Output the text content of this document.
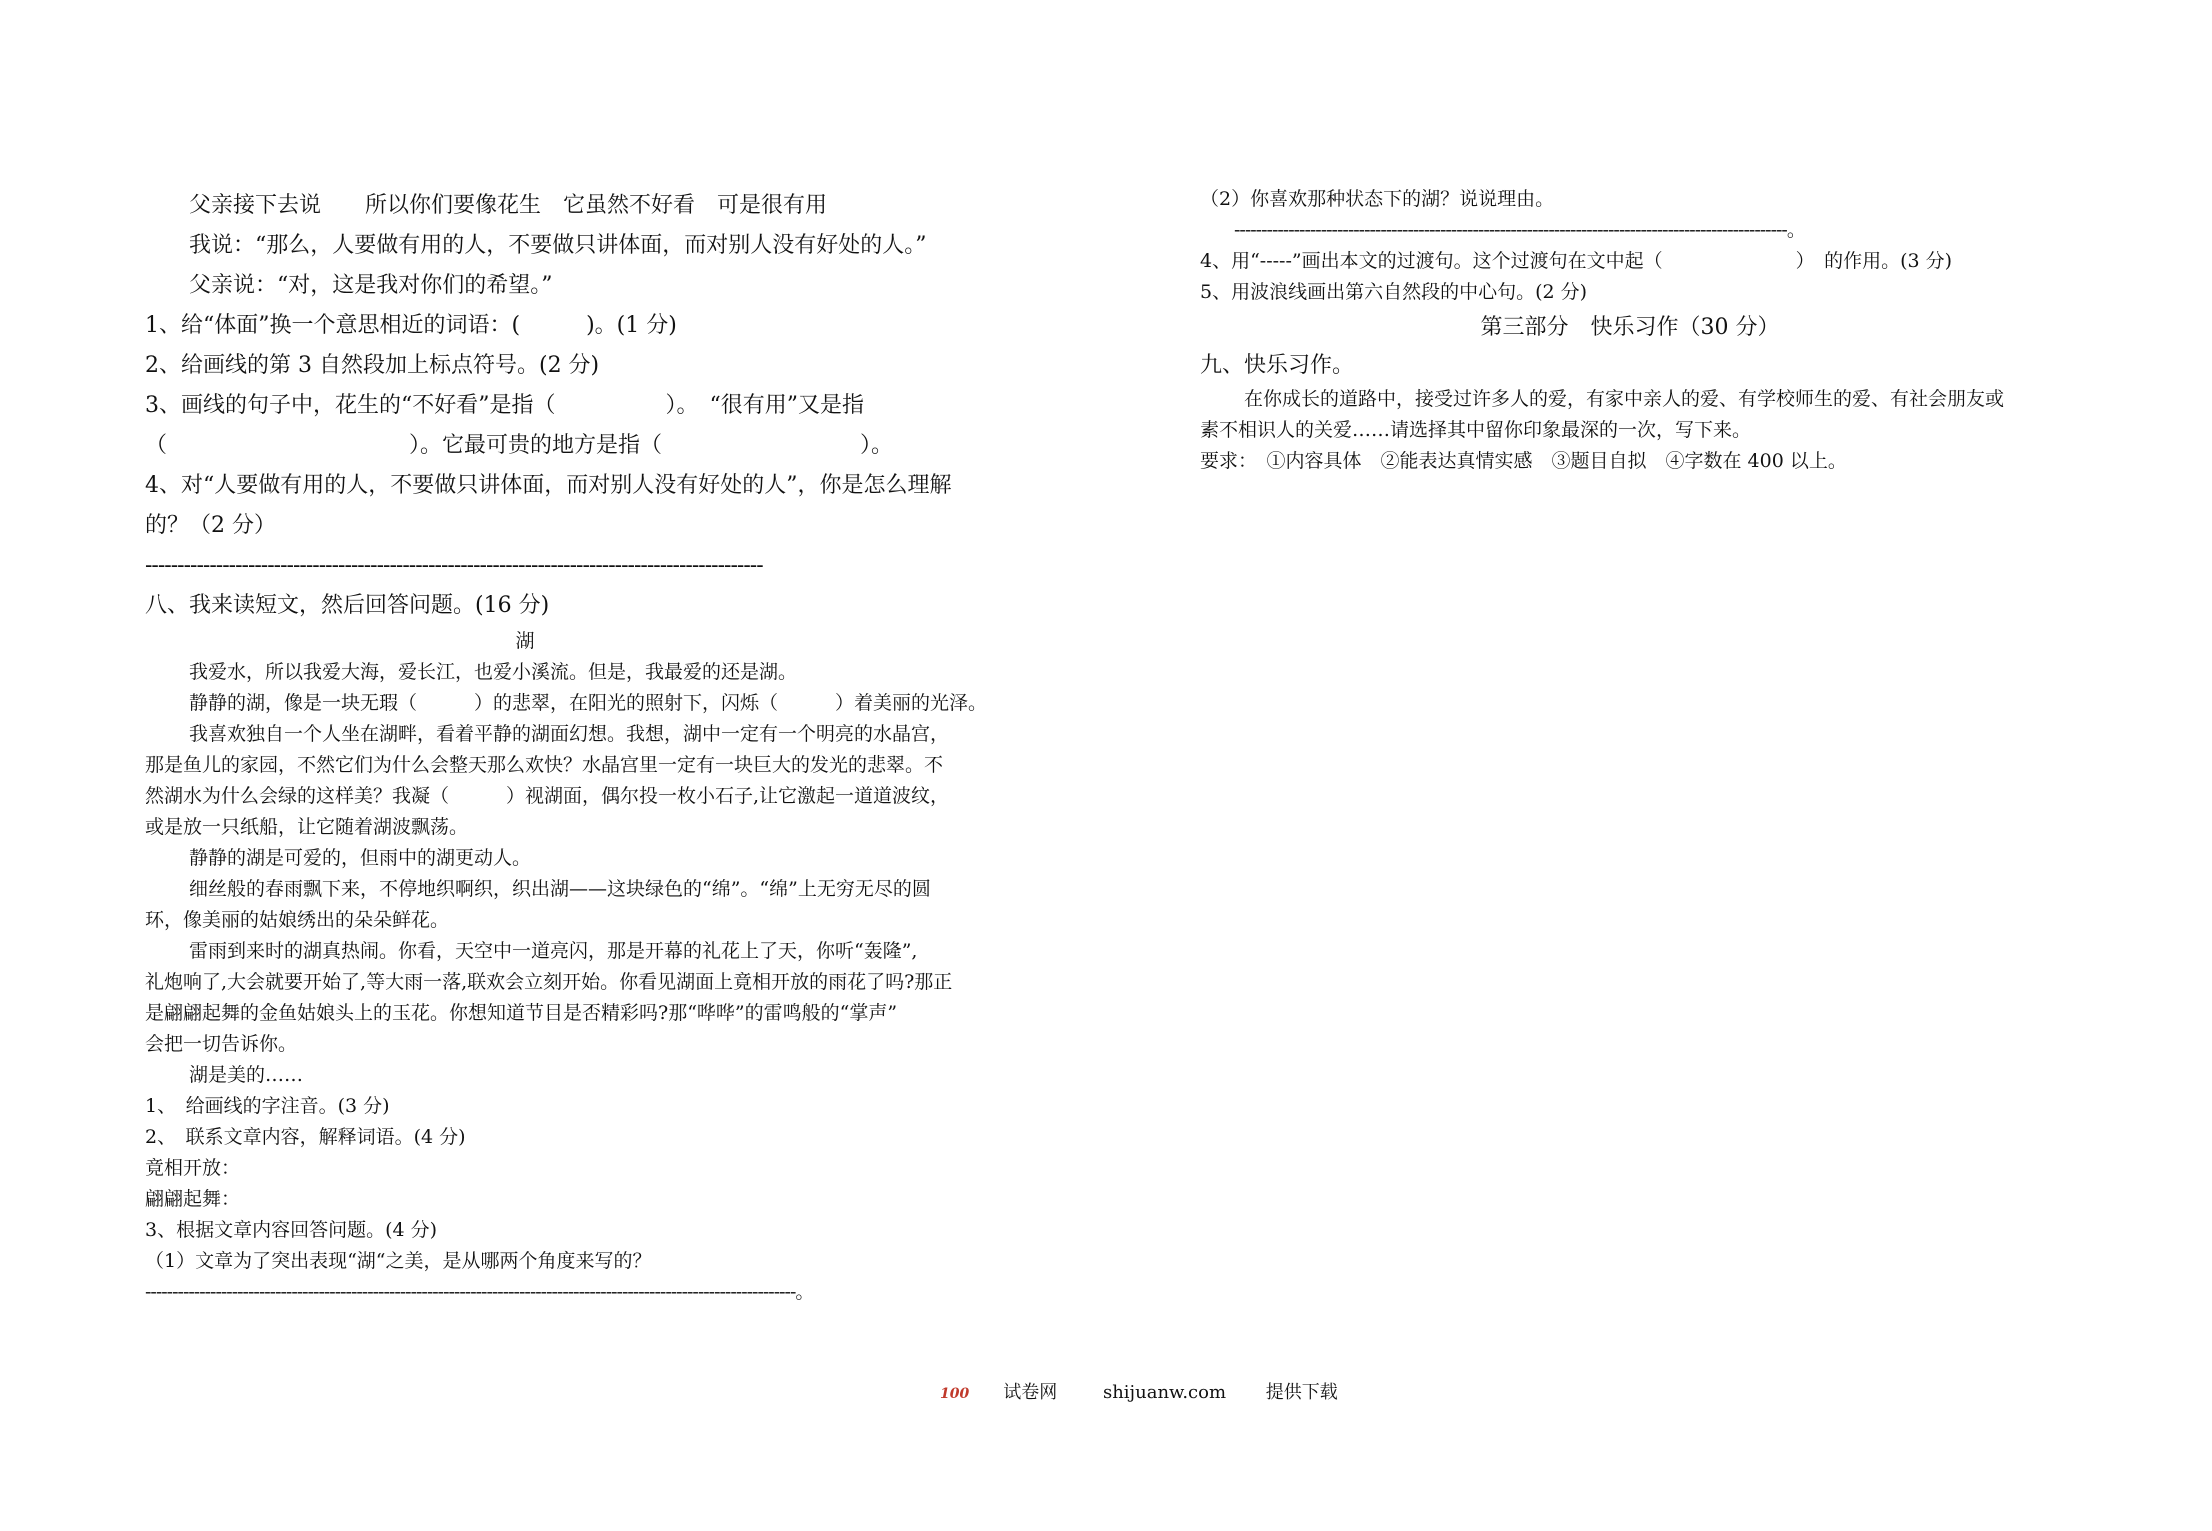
父亲接下去说　　所以你们要像花生　它虽然不好看　可是很有用
我说：“那么，人要做有用的人，不要做只讲体面，而对别人没有好处的人。”
父亲说：“对，这是我对你们的希望。”
1、给“体面”换一个意思相近的词语：(　　　)。(1 分)
2、给画线的第 3 自然段加上标点符号。(2 分)
3、画线的句子中，花生的“不好看”是指（　　　　　）。　“很有用”又是指
（　　　　　　　　　　　）。它最可贵的地方是指（　　　　　　　　　）。
4、对“人要做有用的人，不要做只讲体面，而对别人没有好处的人”，你是怎么理解
的？（2 分）
------------------------------------------------------------------------------------------------
八、我来读短文，然后回答问题。(16 分)
湖
我爱水，所以我爱大海，爱长江，也爱小溪流。但是，我最爱的还是湖。
静静的湖，像是一块无瑕（　　　）的悲翠，在阳光的照射下，闪烁（　　　）着美丽的光泽。
我喜欢独自一个人坐在湖畔，看着平静的湖面幻想。我想，湖中一定有一个明亮的水晶宫，
那是鱼儿的家园，不然它们为什么会整天那么欢快？水晶宫里一定有一块巨大的发光的悲翠。不
然湖水为什么会绿的这样美？我凝（　　　）视湖面，偶尔投一枚小石子,让它激起一道道波纹，
或是放一只纸船，让它随着湖波飘荡。
静静的湖是可爱的，但雨中的湖更动人。
细丝般的春雨飘下来，不停地织啊织，织出湖——这块绿色的“绵”。“绵”上无穷无尽的圆
环，像美丽的姑娘绣出的朵朵鲜花。
雷雨到来时的湖真热闹。你看，天空中一道亮闪，那是开幕的礼花上了天，你听“轰隆”,
礼炮响了,大会就要开始了,等大雨一落,联欢会立刻开始。你看见湖面上竟相开放的雨花了吗?那正
是翩翩起舞的金鱼姑娘头上的玉花。你想知道节目是否精彩吗?那“哗哗”的雷鸣般的“掌声”
会把一切告诉你。
湖是美的……
1、　给画线的字注音。(3 分)
2、　联系文章内容，解释词语。(4 分)
竟相开放：
翩翩起舞：
3、根据文章内容回答问题。(4 分)
（1）文章为了突出表现“湖“之美，是从哪两个角度来写的？
------------------------------------------------------------------------------------------------------------------------。
（2）你喜欢那种状态下的湖？说说理由。
------------------------------------------------------------------------------------------------------。
4、用“-----”画出本文的过渡句。这个过渡句在文中起（　　　　　　　）　的作用。(3 分)
5、用波浪线画出第六自然段的中心句。(2 分)
第三部分　快乐习作（30 分）
九、快乐习作。
在你成长的道路中，接受过许多人的爱，有家中亲人的爱、有学校师生的爱、有社会朋友或
素不相识人的关爱……请选择其中留你印象最深的一次，写下来。
要求：　①内容具体　②能表达真情实感　③题目自拟　④字数在 400 以上。
100 试卷网	shijuanw.com 提供下载
